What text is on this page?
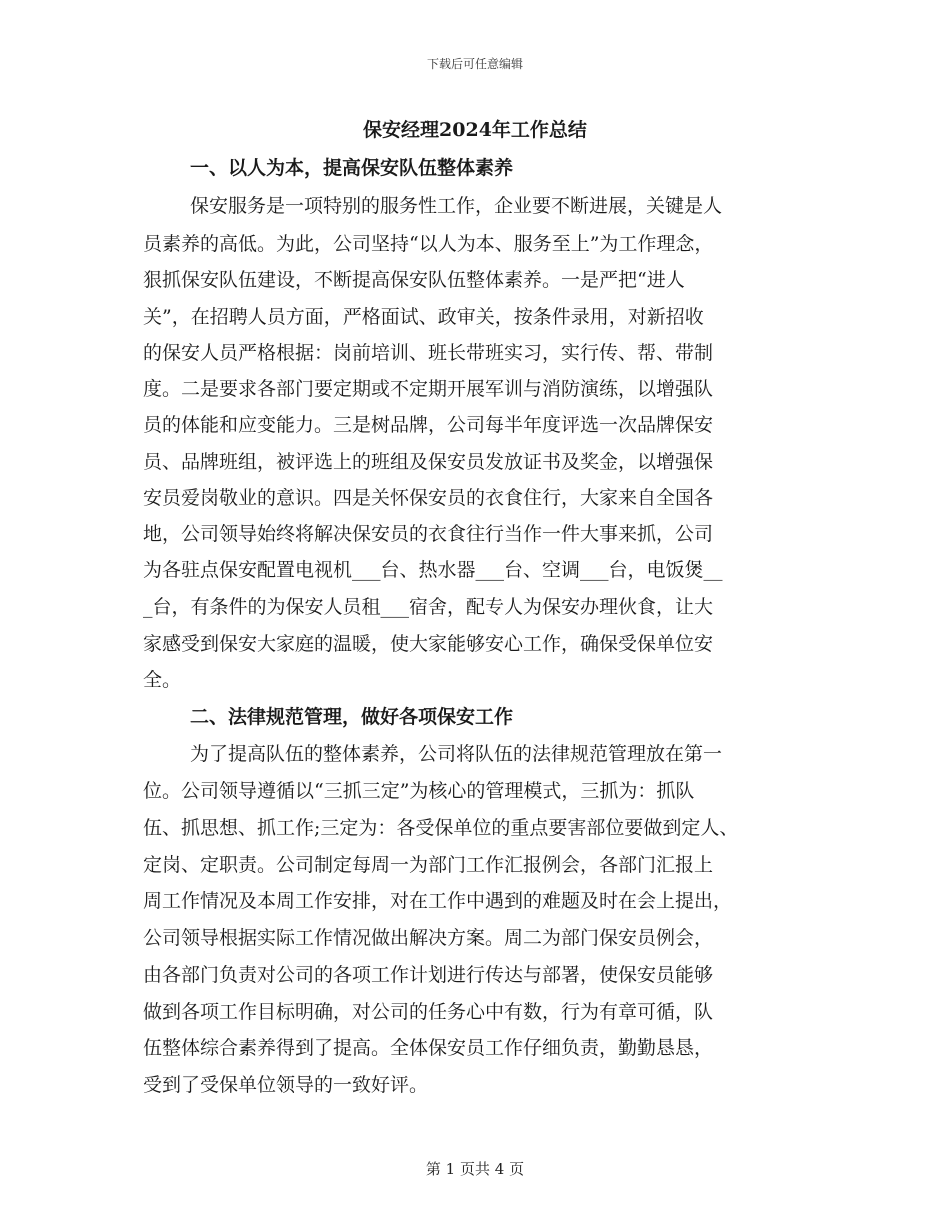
下载后可任意编辑
保安经理2024年工作总结
一、以人为本，提高保安队伍整体素养

保安服务是一项特别的服务性工作，企业要不断进展，关键是人

员素养的高低。为此，公司坚持“以人为本、服务至上”为工作理念，

狠抓保安队伍建设，不断提高保安队伍整体素养。一是严把“进人

关”，在招聘人员方面，严格面试、政审关，按条件录用，对新招收

的保安人员严格根据：岗前培训、班长带班实习，实行传、帮、带制

度。二是要求各部门要定期或不定期开展军训与消防演练，以增强队

员的体能和应变能力。三是树品牌，公司每半年度评选一次品牌保安

员、品牌班组，被评选上的班组及保安员发放证书及奖金，以增强保

安员爱岗敬业的意识。四是关怀保安员的衣食住行，大家来自全国各

地，公司领导始终将解决保安员的衣食往行当作一件大事来抓，公司

为各驻点保安配置电视机___台、热水器___台、空调___台，电饭煲__

_台，有条件的为保安人员租___宿舍，配专人为保安办理伙食，让大

家感受到保安大家庭的温暖，使大家能够安心工作，确保受保单位安

全。

二、法律规范管理，做好各项保安工作

为了提高队伍的整体素养，公司将队伍的法律规范管理放在第一

位。公司领导遵循以“三抓三定”为核心的管理模式，三抓为：抓队

伍、抓思想、抓工作;三定为：各受保单位的重点要害部位要做到定人、

定岗、定职责。公司制定每周一为部门工作汇报例会，各部门汇报上

周工作情况及本周工作安排，对在工作中遇到的难题及时在会上提出，

公司领导根据实际工作情况做出解决方案。周二为部门保安员例会，

由各部门负责对公司的各项工作计划进行传达与部署，使保安员能够

做到各项工作目标明确，对公司的任务心中有数，行为有章可循，队

伍整体综合素养得到了提高。全体保安员工作仔细负责，勤勤恳恳，

受到了受保单位领导的一致好评。

第 1 页共 4 页
